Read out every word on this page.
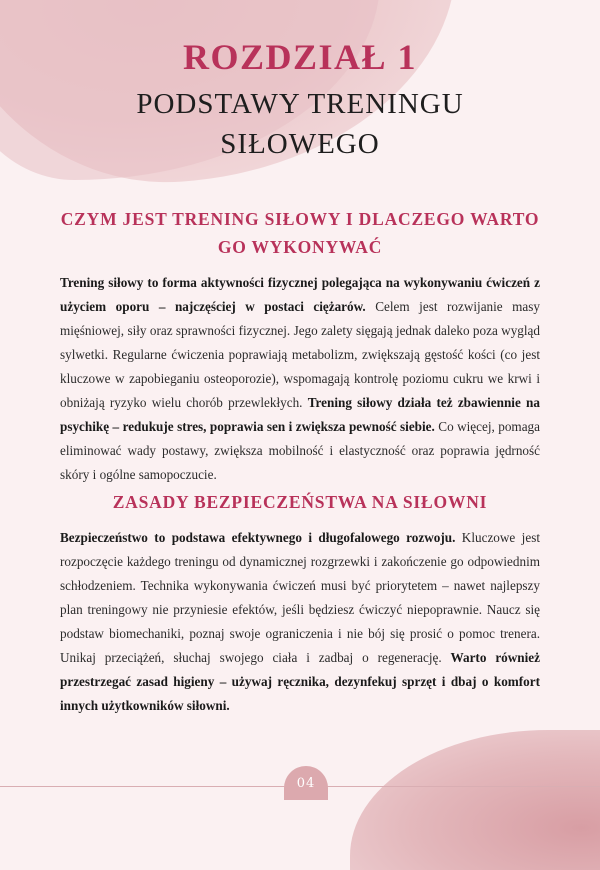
ROZDZIAŁ 1
PODSTAWY TRENINGU
SIŁOWEGO
CZYM JEST TRENING SIŁOWY I DLACZEGO WARTO
GO WYKONYWAĆ

Trening siłowy to forma aktywności fizycznej polegająca na wykonywaniu ćwiczeń z użyciem oporu – najczęściej w postaci ciężarów. Celem jest rozwijanie masy mięśniowej, siły oraz sprawności fizycznej. Jego zalety sięgają jednak daleko poza wygląd sylwetki. Regularne ćwiczenia poprawiają metabolizm, zwiększają gęstość kości (co jest kluczowe w zapobieganiu osteoporozie), wspomagają kontrolę poziomu cukru we krwi i obniżają ryzyko wielu chorób przewlekłych. Trening siłowy działa też zbawiennie na psychikę – redukuje stres, poprawia sen i zwiększa pewność siebie. Co więcej, pomaga eliminować wady postawy, zwiększa mobilność i elastyczność oraz poprawia jędrność skóry i ogólne samopoczucie.

ZASADY BEZPIECZEŃSTWA NA SIŁOWNI

Bezpieczeństwo to podstawa efektywnego i długofalowego rozwoju. Kluczowe jest rozpoczęcie każdego treningu od dynamicznej rozgrzewki i zakończenie go odpowiednim schłodzeniem. Technika wykonywania ćwiczeń musi być priorytetem – nawet najlepszy plan treningowy nie przyniesie efektów, jeśli będziesz ćwiczyć niepoprawnie. Naucz się podstaw biomechaniki, poznaj swoje ograniczenia i nie bój się prosić o pomoc trenera. Unikaj przeciążeń, słuchaj swojego ciała i zadbaj o regenerację. Warto również przestrzegać zasad higieny – używaj ręcznika, dezynfekuj sprzęt i dbaj o komfort innych użytkowników siłowni.

04
